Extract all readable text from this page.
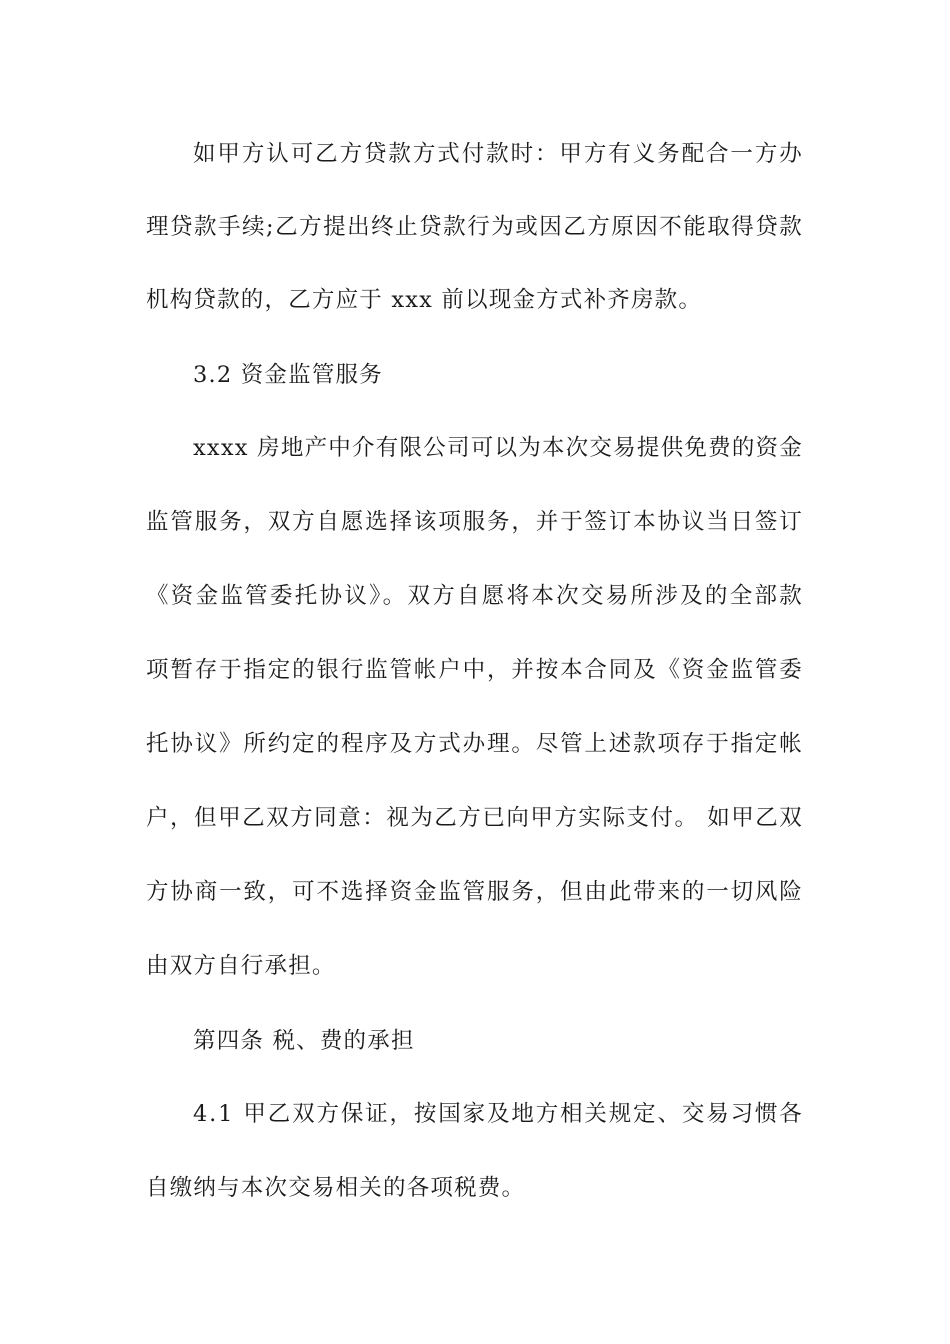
如甲方认可乙方贷款方式付款时：甲方有义务配合一方办
理贷款手续;乙方提出终止贷款行为或因乙方原因不能取得贷款
机构贷款的，乙方应于 xxx 前以现金方式补齐房款。
3.2 资金监管服务
xxxx 房地产中介有限公司可以为本次交易提供免费的资金
监管服务，双方自愿选择该项服务，并于签订本协议当日签订
《资金监管委托协议》。双方自愿将本次交易所涉及的全部款
项暂存于指定的银行监管帐户中，并按本合同及《资金监管委
托协议》所约定的程序及方式办理。尽管上述款项存于指定帐
户，但甲乙双方同意：视为乙方已向甲方实际支付。 如甲乙双
方协商一致，可不选择资金监管服务，但由此带来的一切风险
由双方自行承担。
第四条 税、费的承担
4.1 甲乙双方保证，按国家及地方相关规定、交易习惯各
自缴纳与本次交易相关的各项税费。
